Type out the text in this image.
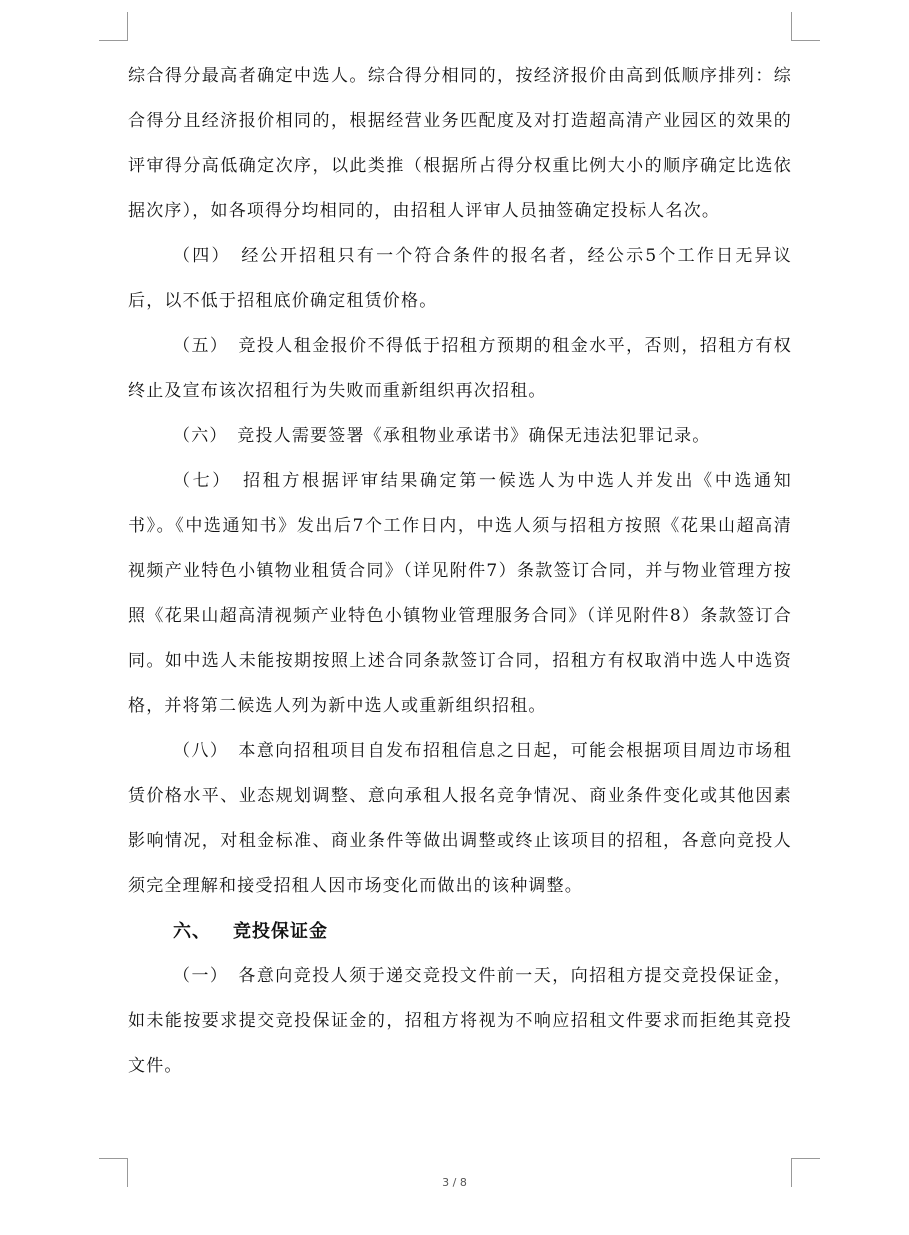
综合得分最高者确定中选人。综合得分相同的，按经济报价由高到低顺序排列：综合得分且经济报价相同的，根据经营业务匹配度及对打造超高清产业园区的效果的评审得分高低确定次序，以此类推（根据所占得分权重比例大小的顺序确定比选依据次序），如各项得分均相同的，由招租人评审人员抽签确定投标人名次。

（四）　经公开招租只有一个符合条件的报名者，经公示5个工作日无异议后，以不低于招租底价确定租赁价格。

（五）　竞投人租金报价不得低于招租方预期的租金水平，否则，招租方有权终止及宣布该次招租行为失败而重新组织再次招租。

（六）　竞投人需要签署《承租物业承诺书》确保无违法犯罪记录。

（七）　招租方根据评审结果确定第一候选人为中选人并发出《中选通知书》。《中选通知书》发出后7个工作日内，中选人须与招租方按照《花果山超高清视频产业特色小镇物业租赁合同》（详见附件7）条款签订合同，并与物业管理方按照《花果山超高清视频产业特色小镇物业管理服务合同》（详见附件8）条款签订合同。如中选人未能按期按照上述合同条款签订合同，招租方有权取消中选人中选资格，并将第二候选人列为新中选人或重新组织招租。

（八）　本意向招租项目自发布招租信息之日起，可能会根据项目周边市场租赁价格水平、业态规划调整、意向承租人报名竞争情况、商业条件变化或其他因素影响情况，对租金标准、商业条件等做出调整或终止该项目的招租，各意向竞投人须完全理解和接受招租人因市场变化而做出的该种调整。

六、 竞投保证金

（一）　各意向竞投人须于递交竞投文件前一天，向招租方提交竞投保证金，如未能按要求提交竞投保证金的，招租方将视为不响应招租文件要求而拒绝其竞投文件。

3 / 8
